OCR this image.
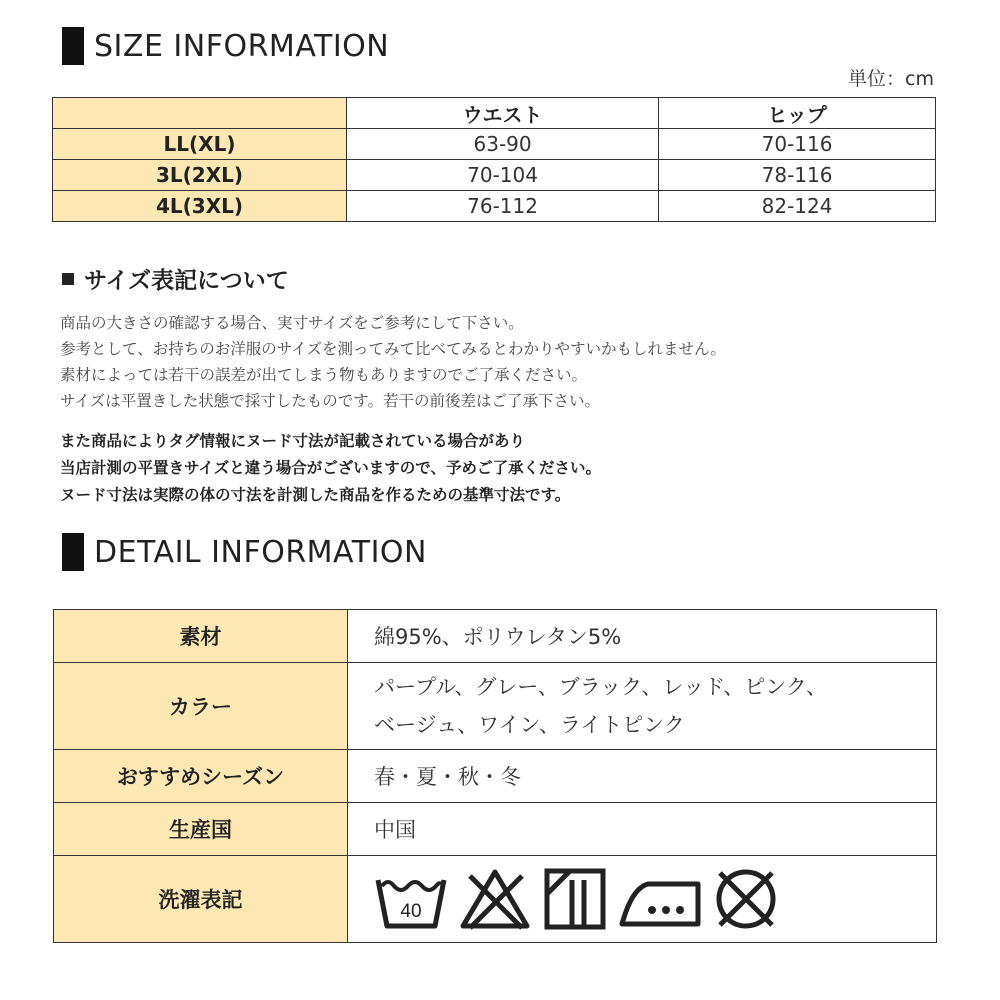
SIZE INFORMATION
単位：cm
	ウエスト	ヒップ
LL(XL)	63-90	70-116
3L(2XL)	70-104	78-116
4L(3XL)	76-112	82-124
サイズ表記について
商品の大きさの確認する場合、実寸サイズをご参考にして下さい。
参考として、お持ちのお洋服のサイズを測ってみて比べてみるとわかりやすいかもしれません。
素材によっては若干の誤差が出てしまう物もありますのでご了承ください。
サイズは平置きした状態で採寸したものです。若干の前後差はご了承下さい。
また商品によりタグ情報にヌード寸法が記載されている場合があり
当店計測の平置きサイズと違う場合がございますので、予めご了承ください。
ヌード寸法は実際の体の寸法を計測した商品を作るための基準寸法です。
DETAIL INFORMATION
素材	綿95%、ポリウレタン5%
カラー	パープル、グレー、ブラック、レッド、ピンク、
ベージュ、ワイン、ライトピンク

おすすめシーズン	春・夏・秋・冬
生産国	中国
洗濯表記	40
